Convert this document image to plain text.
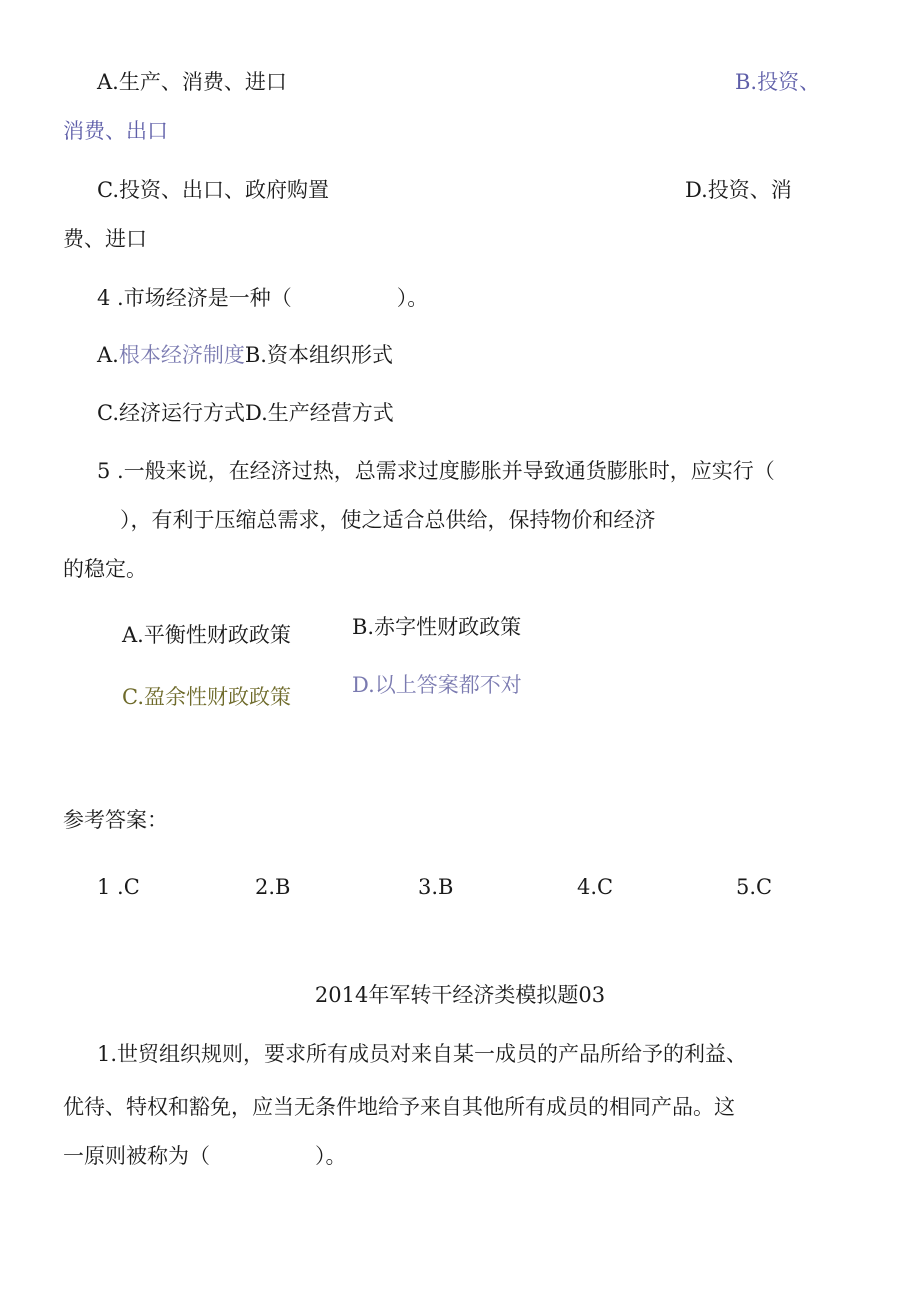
A.生产、消费、进口	B.投资、
消费、出口
C.投资、出口、政府购置	D.投资、消
费、进口
4 .市场经济是一种（　　　　　）。
A.根本经济制度B.资本组织形式
C.经济运行方式D.生产经营方式
5 .一般来说，在经济过热，总需求过度膨胀并导致通货膨胀时，应实行（
），有利于压缩总需求，使之适合总供给，保持物价和经济
的稳定。
A.平衡性财政政策	B.赤字性财政政策
C.盈余性财政政策	D.以上答案都不对
参考答案：
1 .C	2.B	3.B	4.C	5.C
2014年军转干经济类模拟题03
1.世贸组织规则，要求所有成员对来自某一成员的产品所给予的利益、
优待、特权和豁免，应当无条件地给予来自其他所有成员的相同产品。这
一原则被称为（　　　　　）。
